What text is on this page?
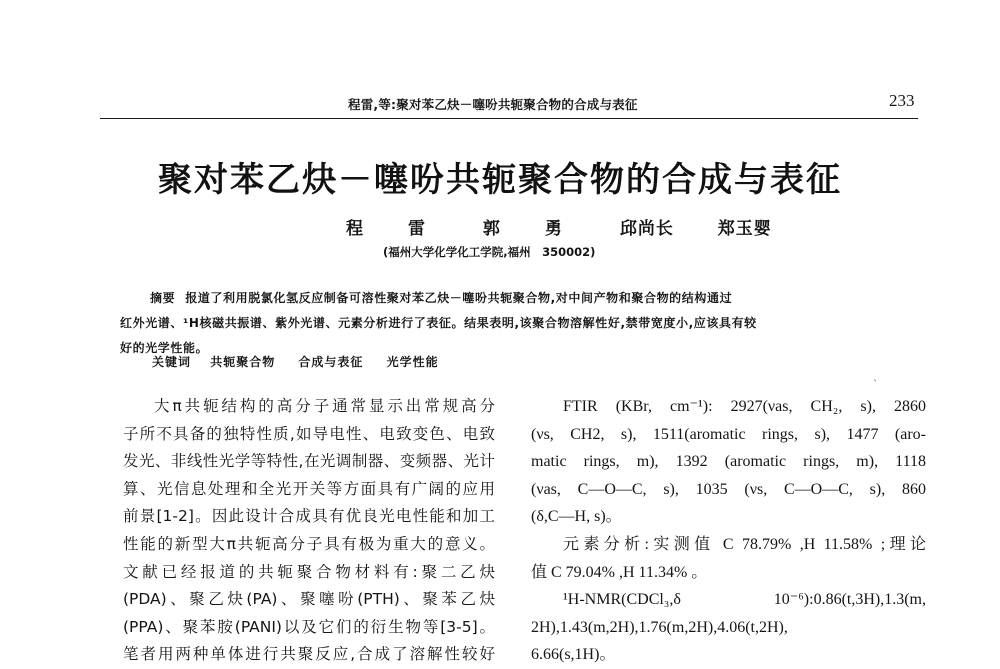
程雷,等:聚对苯乙炔－噻吩共轭聚合物的合成与表征	233
聚对苯乙炔－噻吩共轭聚合物的合成与表征
程　雷	郭　勇	邱尚长	郑玉婴
(福州大学化学化工学院,福州　350002)
摘要 报道了利用脱氯化氢反应制备可溶性聚对苯乙炔－噻吩共轭聚合物,对中间产物和聚合物的结构通过
红外光谱、¹H核磁共振谱、紫外光谱、元素分析进行了表征。结果表明,该聚合物溶解性好,禁带宽度小,应该具有较
好的光学性能。
关键词 共轭聚合物 合成与表征 光学性能
`
大π共轭结构的高分子通常显示出常规高分
子所不具备的独特性质,如导电性、电致变色、电致
发光、非线性光学等特性,在光调制器、变频器、光计
算、光信息处理和全光开关等方面具有广阔的应用
前景[1-2]。因此设计合成具有优良光电性能和加工
性能的新型大π共轭高分子具有极为重大的意义。
文献已经报道的共轭聚合物材料有:聚二乙炔
(PDA)、聚乙炔(PA)、聚噻吩(PTH)、聚苯乙炔
(PPA)、聚苯胺(PANI)以及它们的衍生物等[3-5]。
笔者用两种单体进行共聚反应,合成了溶解性较好
FTIR (KBr, cm⁻¹): 2927(νas, CH₂, s), 2860
(νs, CH2, s), 1511(aromatic rings, s), 1477 (aro-
matic rings, m), 1392 (aromatic rings, m), 1118
(νas, C—O—C, s), 1035 (νs, C—O—C, s), 860
(δ,C—H, s)。
元素分析:实测值 C 78.79% ,H 11.58% ;理论
值 C 79.04% ,H 11.34% 。
¹H-NMR(CDCl₃,δ 10⁻⁶):0.86(t,3H),1.3(m,
2H),1.43(m,2H),1.76(m,2H),4.06(t,2H),
6.66(s,1H)。
